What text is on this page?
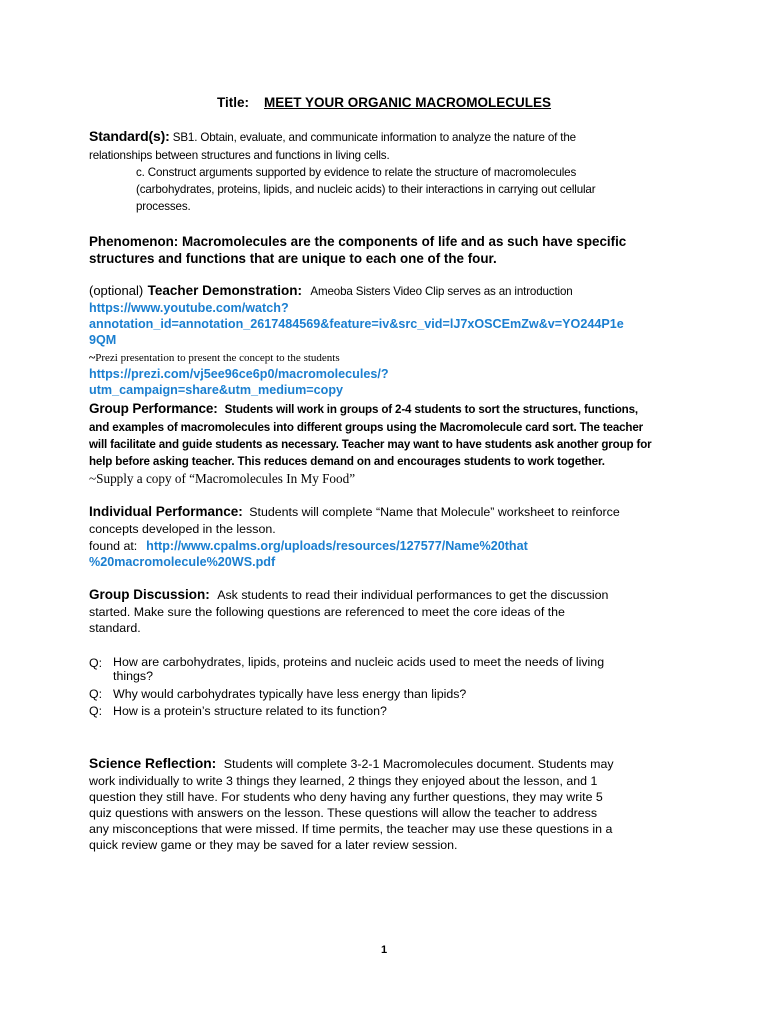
Title: MEET YOUR ORGANIC MACROMOLECULES
Standard(s): SB1. Obtain, evaluate, and communicate information to analyze the nature of the
relationships between structures and functions in living cells.
c. Construct arguments supported by evidence to relate the structure of macromolecules
(carbohydrates, proteins, lipids, and nucleic acids) to their interactions in carrying out cellular
processes.
Phenomenon: Macromolecules are the components of life and as such have specific
structures and functions that are unique to each one of the four.
(optional) Teacher Demonstration: Ameoba Sisters Video Clip serves as an introduction
https://www.youtube.com/watch?
annotation_id=annotation_2617484569&feature=iv&src_vid=lJ7xOSCEmZw&v=YO244P1e
9QM
~Prezi presentation to present the concept to the students
https://prezi.com/vj5ee96ce6p0/macromolecules/?
utm_campaign=share&utm_medium=copy
Group Performance: Students will work in groups of 2-4 students to sort the structures, functions,
and examples of macromolecules into different groups using the Macromolecule card sort. The teacher
will facilitate and guide students as necessary. Teacher may want to have students ask another group for
help before asking teacher. This reduces demand on and encourages students to work together.
~Supply a copy of “Macromolecules In My Food”
Individual Performance: Students will complete “Name that Molecule” worksheet to reinforce
concepts developed in the lesson.
found at: http://www.cpalms.org/uploads/resources/127577/Name%20that
%20macromolecule%20WS.pdf
Group Discussion: Ask students to read their individual performances to get the discussion
started. Make sure the following questions are referenced to meet the core ideas of the
standard.
Q: How are carbohydrates, lipids, proteins and nucleic acids used to meet the needs of living
things?
Q: Why would carbohydrates typically have less energy than lipids?
Q: How is a protein’s structure related to its function?
Science Reflection: Students will complete 3-2-1 Macromolecules document. Students may
work individually to write 3 things they learned, 2 things they enjoyed about the lesson, and 1
question they still have. For students who deny having any further questions, they may write 5
quiz questions with answers on the lesson. These questions will allow the teacher to address
any misconceptions that were missed. If time permits, the teacher may use these questions in a
quick review game or they may be saved for a later review session.
1
